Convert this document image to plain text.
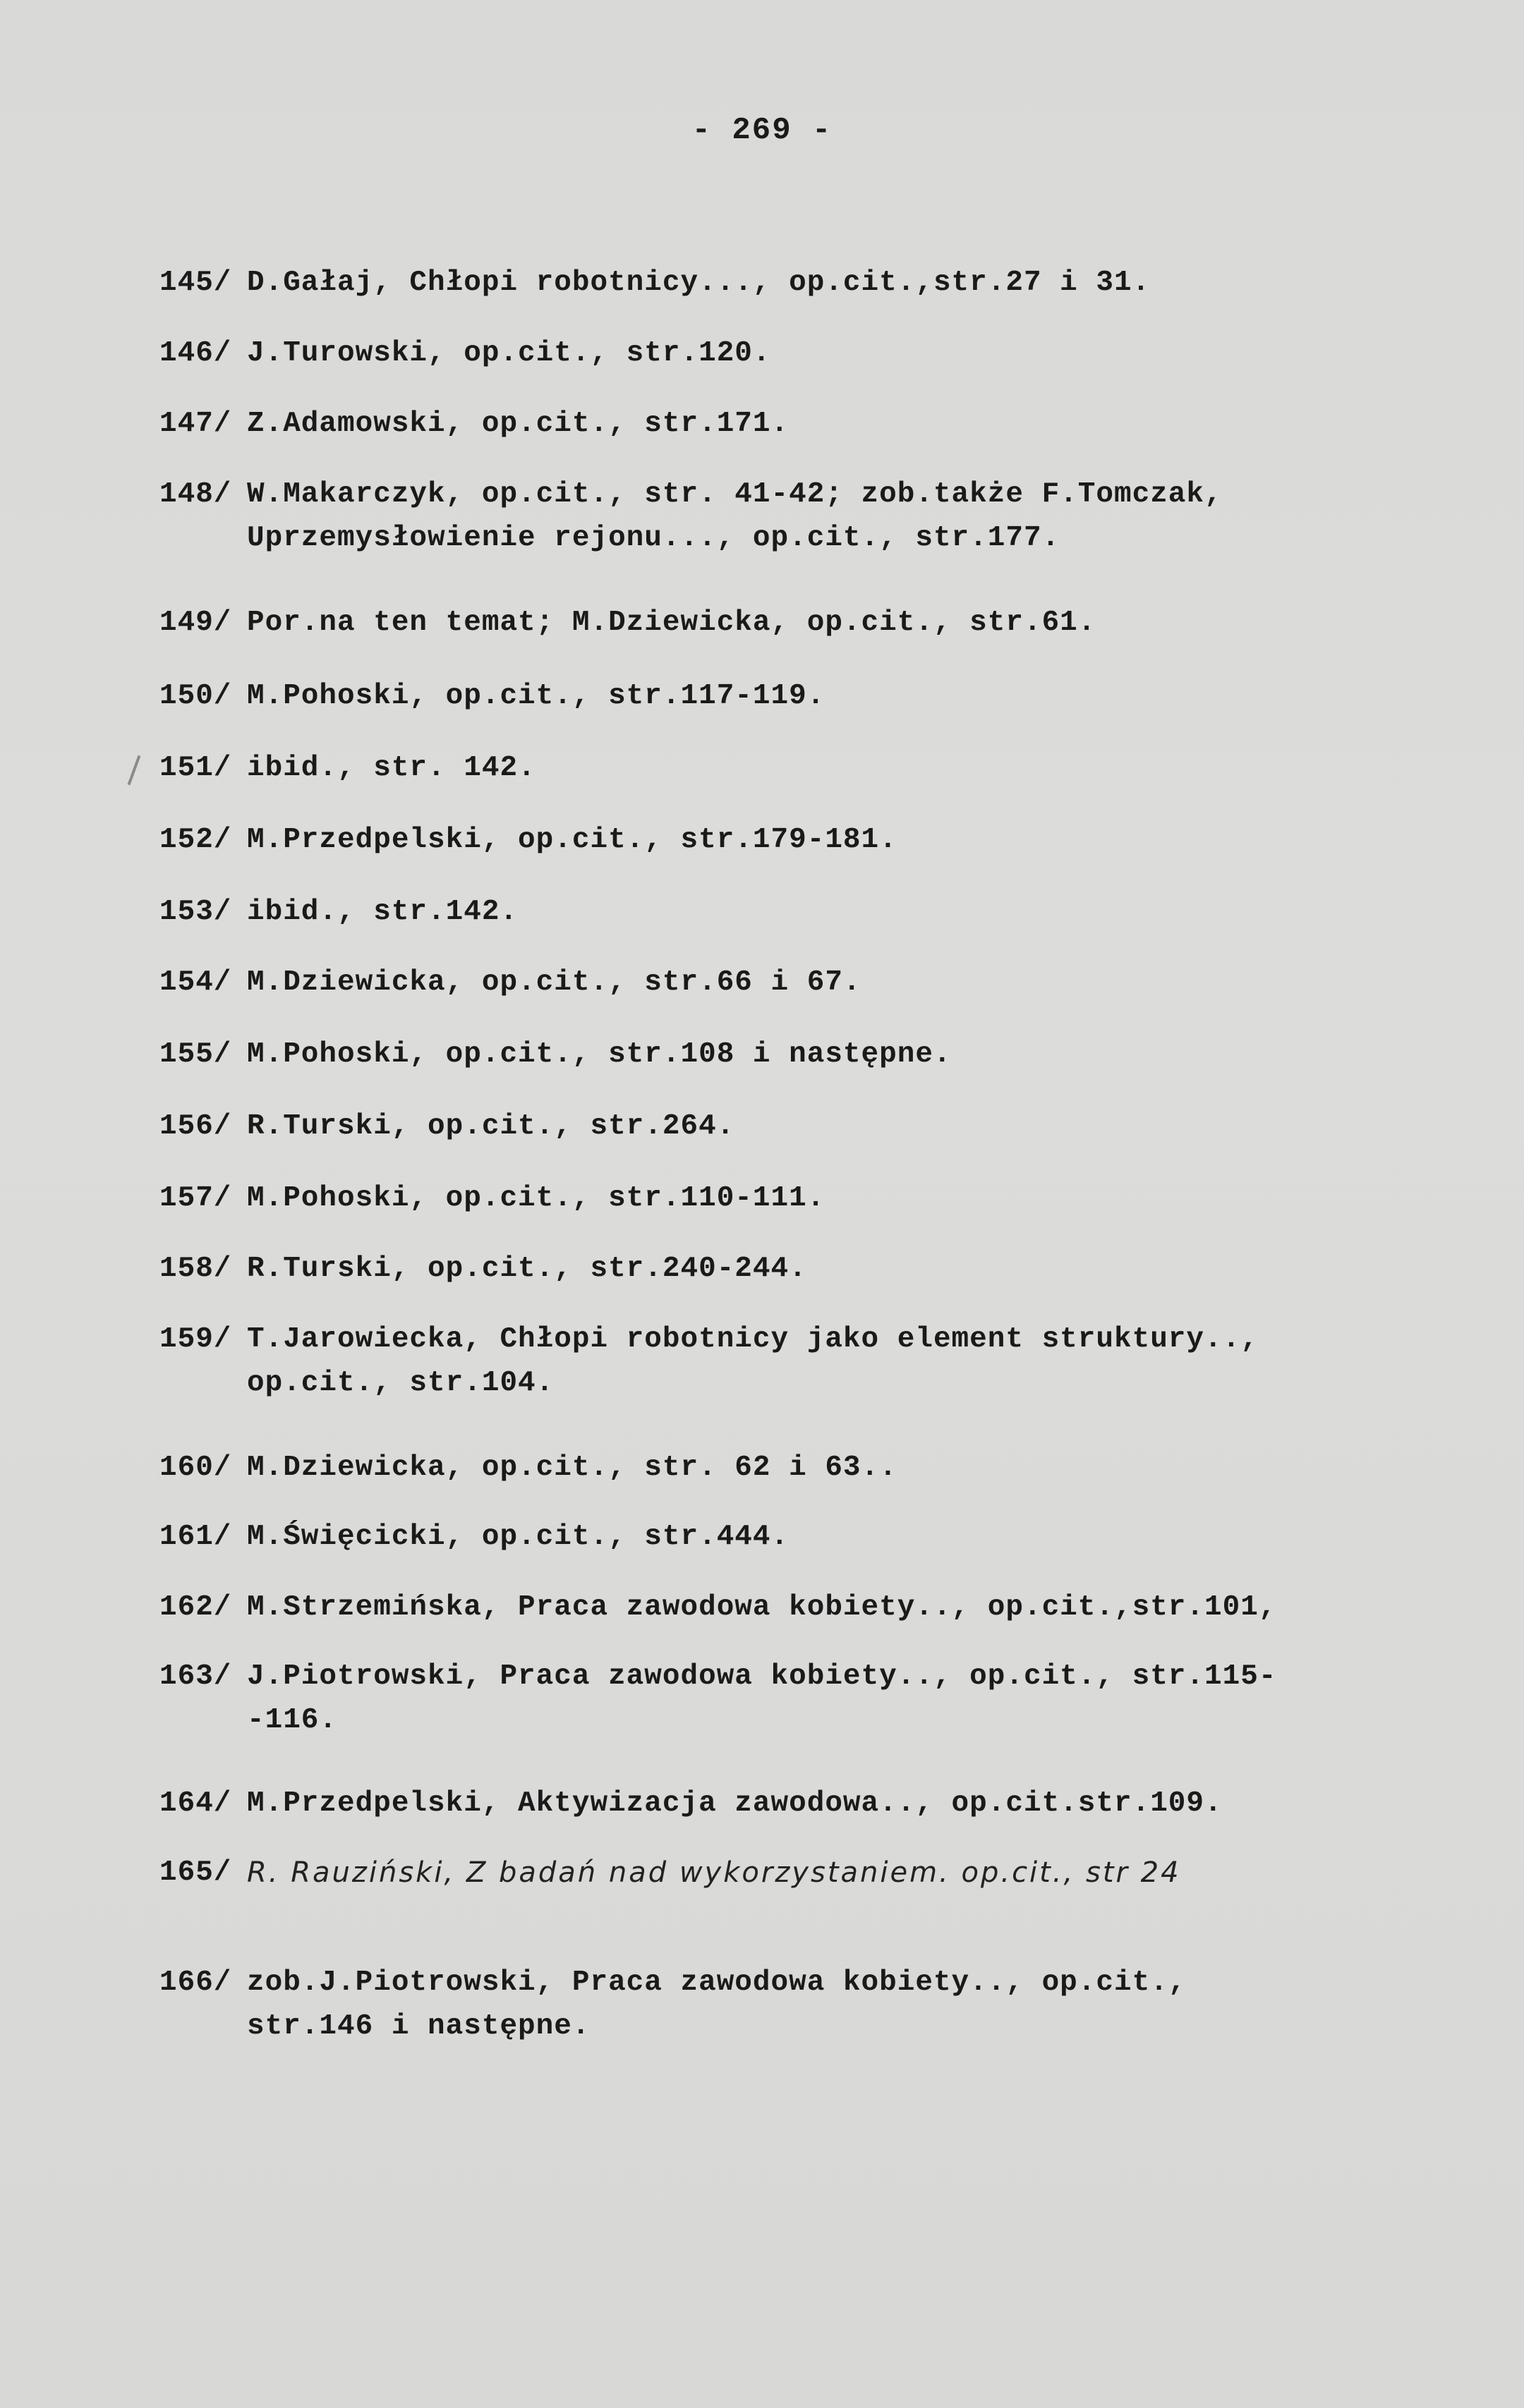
- 269 -
145/ D.Gałaj, Chłopi robotnicy..., op.cit.,str.27 i 31.
146/ J.Turowski, op.cit., str.120.
147/ Z.Adamowski, op.cit., str.171.
148/ W.Makarczyk, op.cit., str. 41-42; zob.także F.Tomczak,
Uprzemysłowienie rejonu..., op.cit., str.177.
149/ Por.na ten temat; M.Dziewicka, op.cit., str.61.
150/ M.Pohoski, op.cit., str.117-119.
151/ ibid., str. 142.
152/ M.Przedpelski, op.cit., str.179-181.
153/ ibid., str.142.
154/ M.Dziewicka, op.cit., str.66 i 67.
155/ M.Pohoski, op.cit., str.108 i następne.
156/ R.Turski, op.cit., str.264.
157/ M.Pohoski, op.cit., str.110-111.
158/ R.Turski, op.cit., str.240-244.
159/ T.Jarowiecka, Chłopi robotnicy jako element struktury..,
op.cit., str.104.
160/ M.Dziewicka, op.cit., str. 62 i 63..
161/ M.Święcicki, op.cit., str.444.
162/ M.Strzemińska, Praca zawodowa kobiety.., op.cit.,str.101,
163/ J.Piotrowski, Praca zawodowa kobiety.., op.cit., str.115-
-116.
164/ M.Przedpelski, Aktywizacja zawodowa.., op.cit.str.109.
165/ R. Rauziński, Z badań nad wykorzystaniem. op.cit., str 24
166/ zob.J.Piotrowski, Praca zawodowa kobiety.., op.cit.,
str.146 i następne.
